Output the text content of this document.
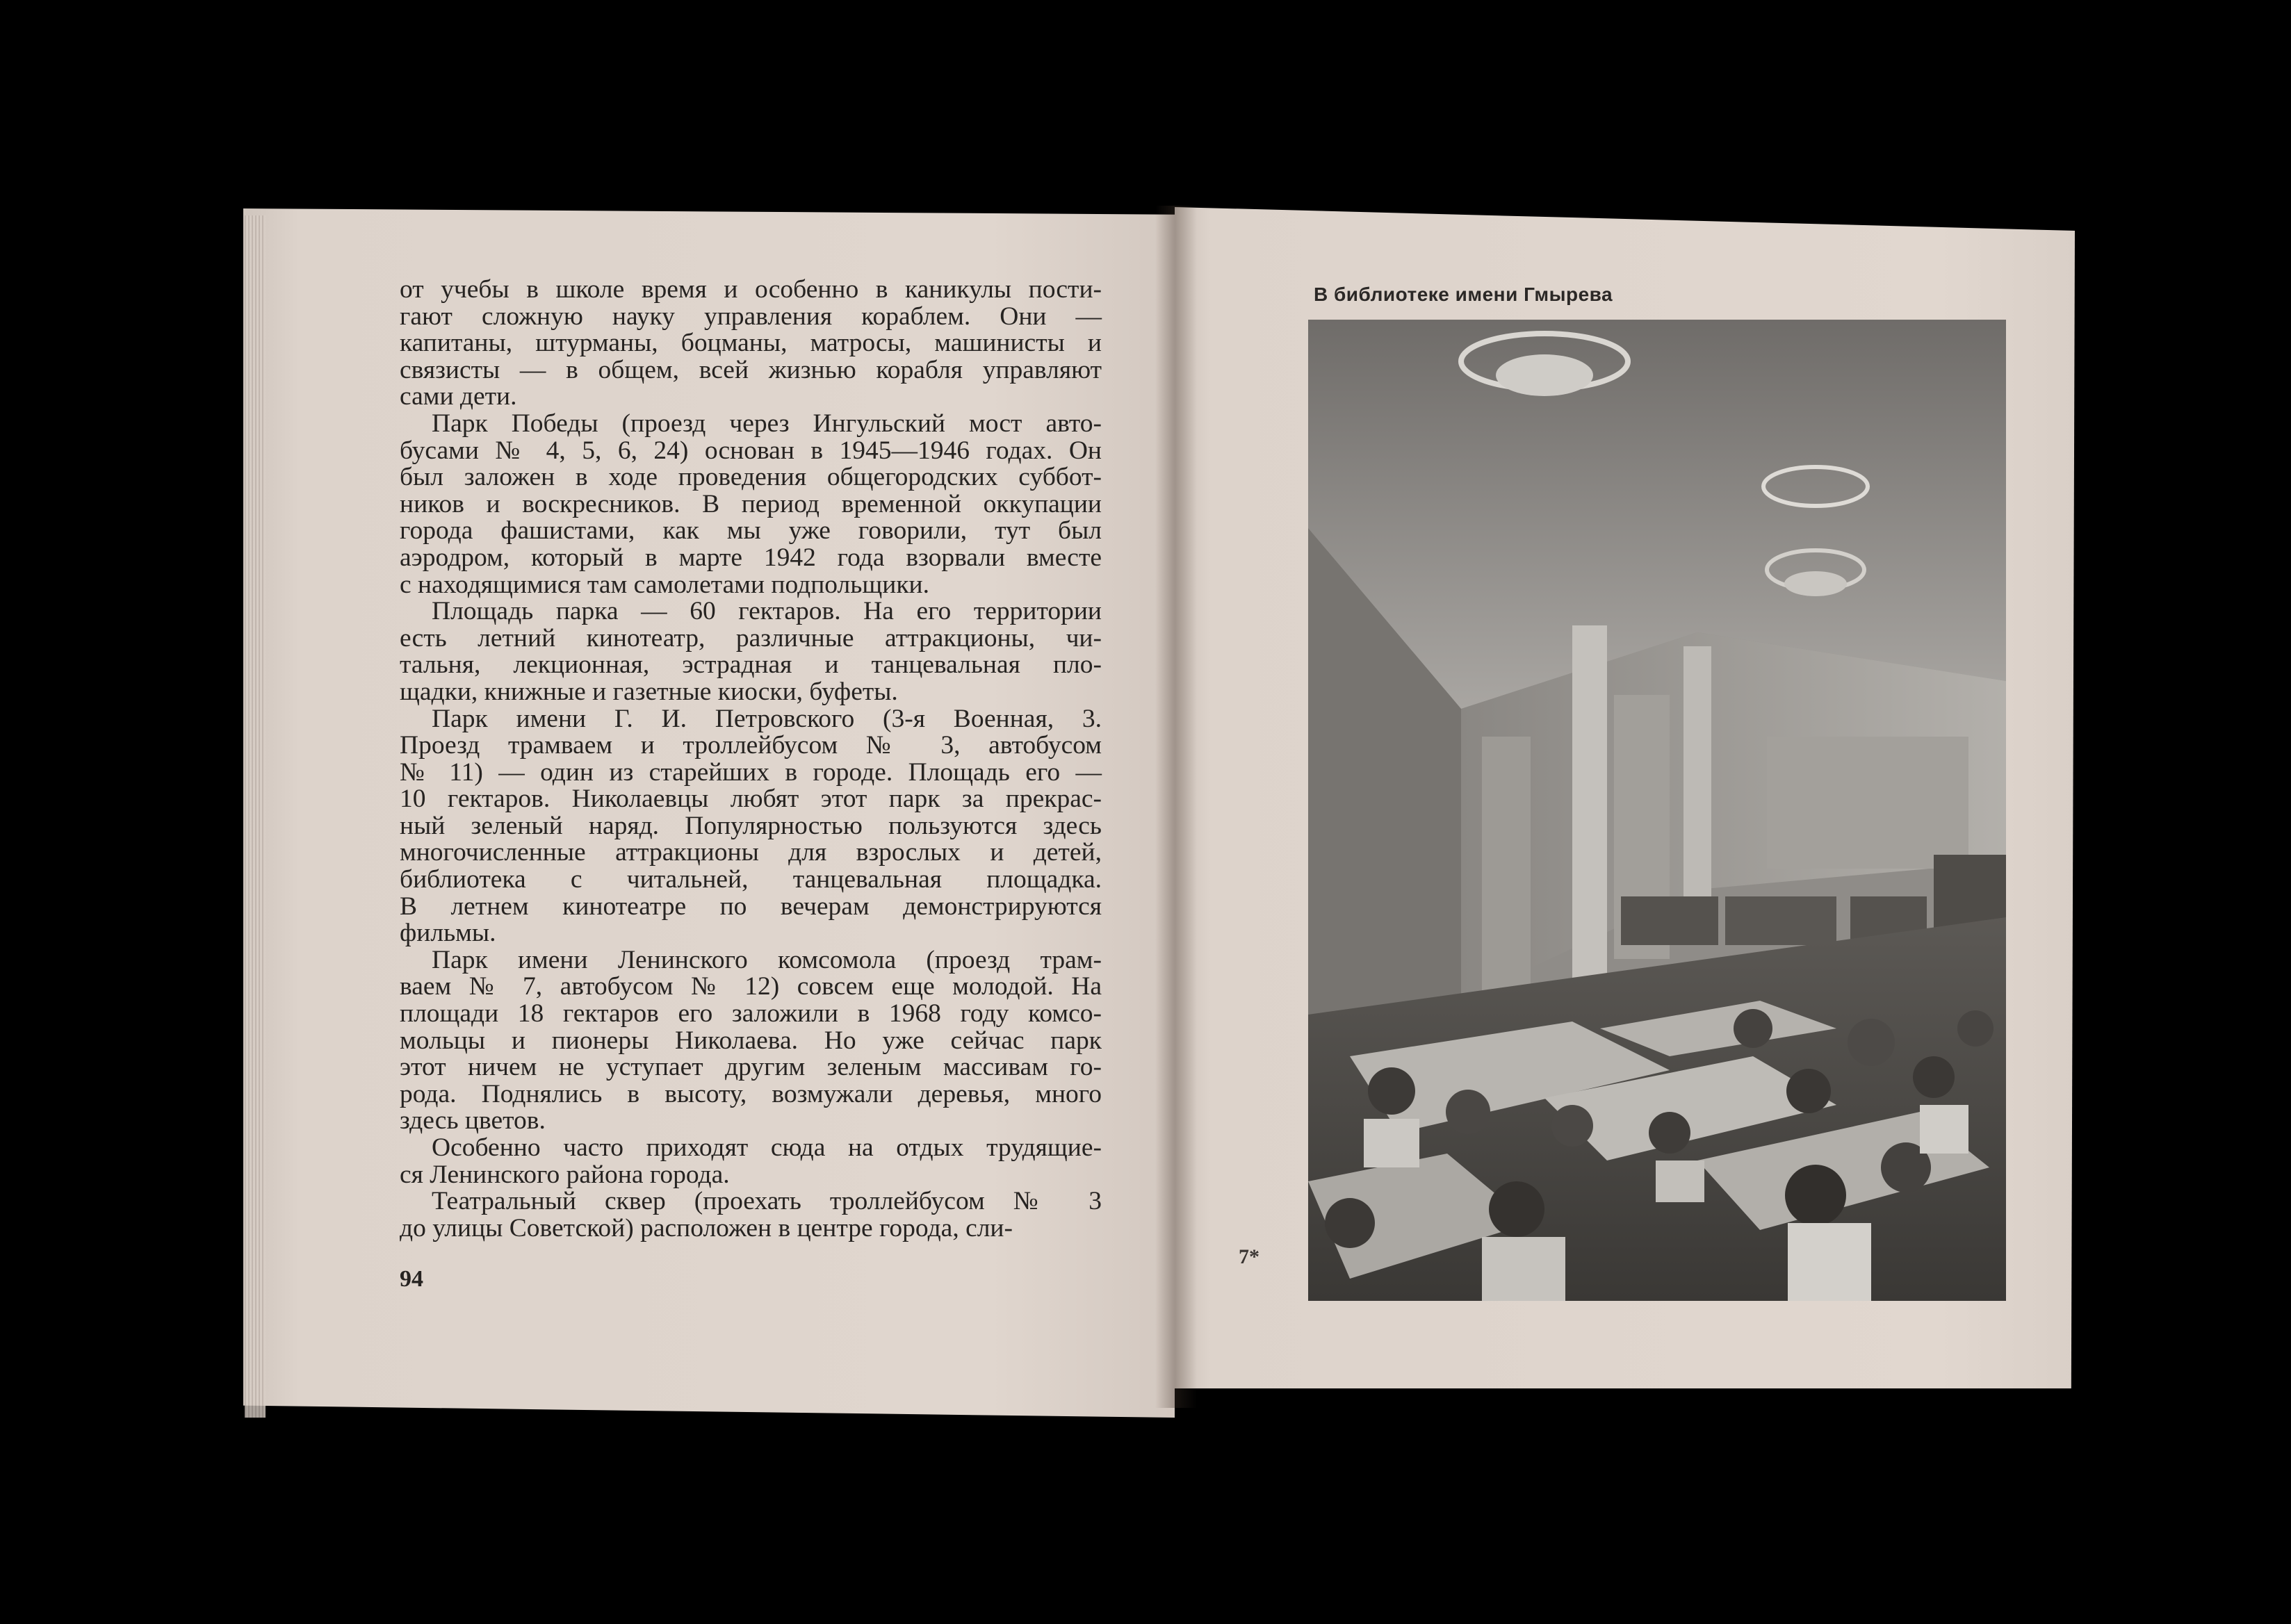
от учебы в школе время и особенно в каникулы пости-
гают сложную науку управления кораблем. Они —
капитаны, штурманы, боцманы, матросы, машинисты и
связисты — в общем, всей жизнью корабля управляют
сами дети.

Парк Победы (проезд через Ингульский мост авто-
бусами № 4, 5, 6, 24) основан в 1945—1946 годах. Он
был заложен в ходе проведения общегородских суббот-
ников и воскресников. В период временной оккупации
города фашистами, как мы уже говорили, тут был
аэродром, который в марте 1942 года взорвали вместе
с находящимися там самолетами подпольщики.

Площадь парка — 60 гектаров. На его территории
есть летний кинотеатр, различные аттракционы, чи-
тальня, лекционная, эстрадная и танцевальная пло-
щадки, книжные и газетные киоски, буфеты.

Парк имени Г. И. Петровского (3-я Военная, 3.
Проезд трамваем и троллейбусом № 3, автобусом
№ 11) — один из старейших в городе. Площадь его —
10 гектаров. Николаевцы любят этот парк за прекрас-
ный зеленый наряд. Популярностью пользуются здесь
многочисленные аттракционы для взрослых и детей,
библиотека с читальней, танцевальная площадка.
В летнем кинотеатре по вечерам демонстрируются
фильмы.

Парк имени Ленинского комсомола (проезд трам-
ваем № 7, автобусом № 12) совсем еще молодой. На
площади 18 гектаров его заложили в 1968 году комсо-
мольцы и пионеры Николаева. Но уже сейчас парк
этот ничем не уступает другим зеленым массивам го-
рода. Поднялись в высоту, возмужали деревья, много
здесь цветов.

Особенно часто приходят сюда на отдых трудящие-
ся Ленинского района города.

Театральный сквер (проехать троллейбусом № 3
до улицы Советской) расположен в центре города, сли-

94
В библиотеке имени Гмырева
7*
